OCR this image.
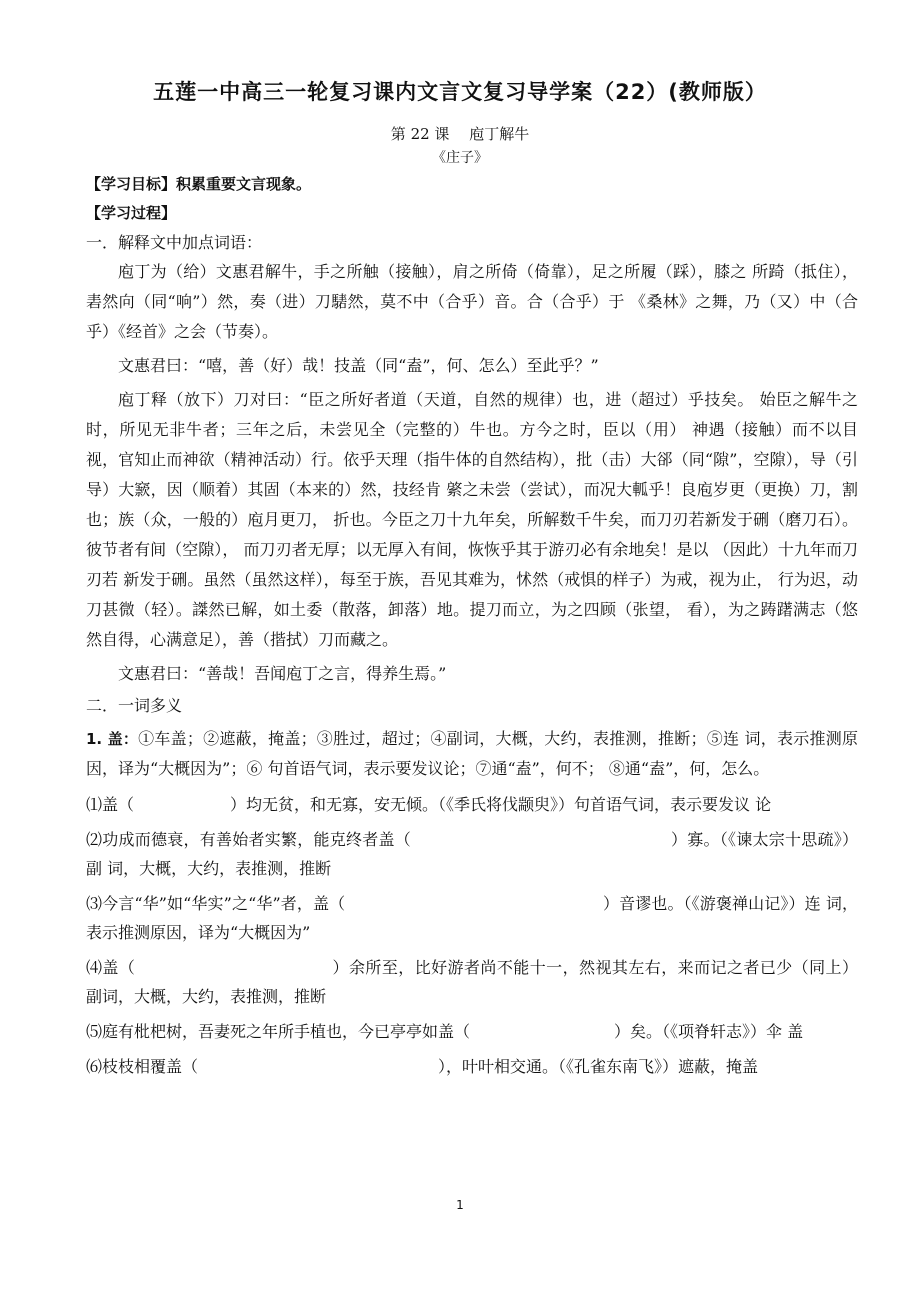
五莲一中高三一轮复习课内文言文复习导学案（22）(教师版）
第 22 课　 庖丁解牛
《庄子》
【学习目标】积累重要文言现象。
【学习过程】
一．解释文中加点词语：

庖丁为（给）文惠君解牛，手之所触（接触），肩之所倚（倚靠），足之所履（踩），膝之 所踦（抵住），砉然向（同“响”）然，奏（进）刀騞然，莫不中（合乎）音。合（合乎）于 《桑林》之舞，乃（又）中（合乎）《经首》之会（节奏）。

文惠君曰：“嘻，善（好）哉！技盖（同“盍”，何、怎么）至此乎？”

庖丁释（放下）刀对曰：“臣之所好者道（天道，自然的规律）也，进（超过）乎技矣。 始臣之解牛之时，所见无非牛者；三年之后，未尝见全（完整的）牛也。方今之时，臣以（用） 神遇（接触）而不以目视，官知止而神欲（精神活动）行。依乎天理（指牛体的自然结构），批（击）大郤（同“隙”，空隙），导（引导）大窾，因（顺着）其固（本来的）然，技经肯 綮之未尝（尝试），而况大軱乎！良庖岁更（更换）刀，割也；族（众，一般的）庖月更刀， 折也。今臣之刀十九年矣，所解数千牛矣，而刀刃若新发于硎（磨刀石）。彼节者有间（空隙）， 而刀刃者无厚；以无厚入有间，恢恢乎其于游刃必有余地矣！是以 （因此）十九年而刀刃若 新发于硎。虽然（虽然这样），每至于族，吾见其难为，怵然（戒惧的样子）为戒，视为止， 行为迟，动刀甚微（轻）。謋然已解，如土委（散落，卸落）地。提刀而立，为之四顾（张望， 看），为之踌躇满志（悠然自得，心满意足），善（揩拭）刀而藏之。

文惠君曰：“善哉！吾闻庖丁之言，得养生焉。”

二．一词多义

1. 盖：①车盖；②遮蔽，掩盖；③胜过，超过；④副词，大概，大约，表推测，推断；⑤连 词，表示推测原因，译为“大概因为”；⑥ 句首语气词，表示要发议论；⑦通“盍”，何不； ⑧通“盍”，何，怎么。

⑴盖（　　　　　　）均无贫，和无寡，安无倾。（《季氏将伐颛臾》）句首语气词，表示要发议 论
⑵功成而德衰，有善始者实繁，能克终者盖（　　　　　　　　　　　　　　　　）寡。（《谏太宗十思疏》）副 词，大概，大约，表推测，推断
⑶今言“华”如“华实”之“华”者，盖（　　　　　　　　　　　　　　　　）音谬也。（《游褒禅山记》）连 词，表示推测原因，译为“大概因为”
⑷盖（　　　　　　　　　　　　）余所至，比好游者尚不能十一，然视其左右，来而记之者已少（同上） 副词，大概，大约，表推测，推断
⑸庭有枇杷树，吾妻死之年所手植也，今已亭亭如盖（　　　　　　　　　）矣。（《项脊轩志》）伞 盖
⑹枝枝相覆盖（　　　　　　　　　　　　　　　），叶叶相交通。（《孔雀东南飞》）遮蔽，掩盖
1
